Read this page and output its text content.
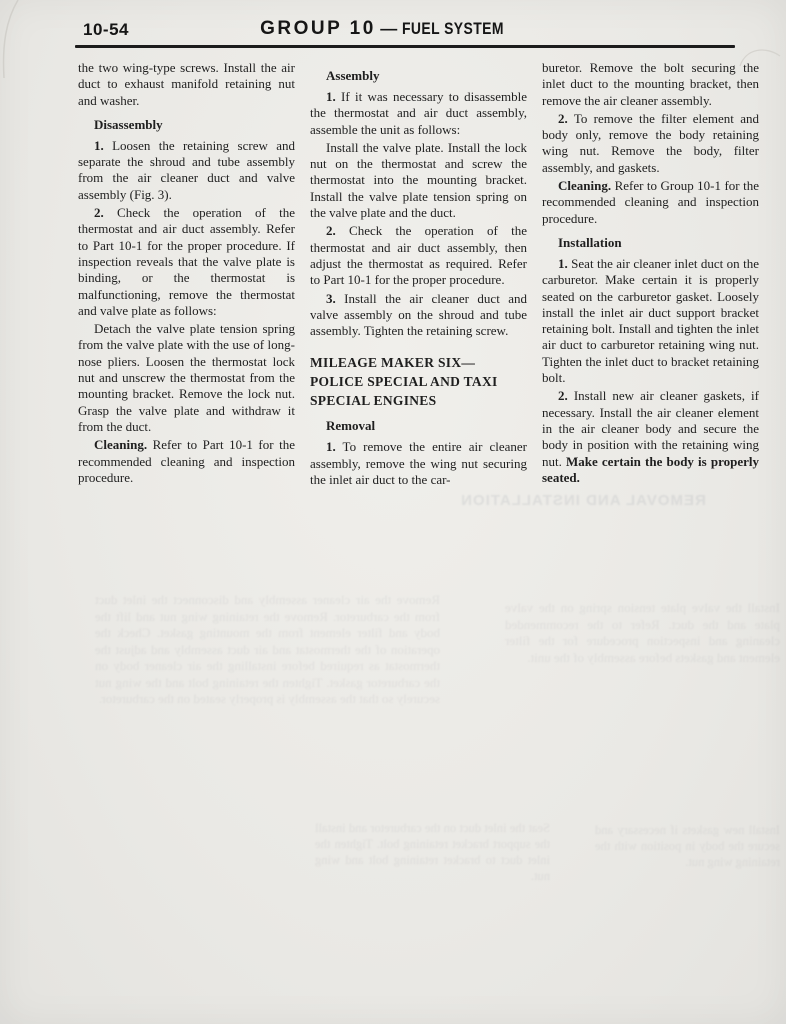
10-54	GROUP 10 — FUEL SYSTEM

the two wing-type screws. Install the air duct to exhaust manifold retaining nut and washer.

Disassembly

1. Loosen the retaining screw and separate the shroud and tube assembly from the air cleaner duct and valve assembly (Fig. 3).

2. Check the operation of the thermostat and air duct assembly. Refer to Part 10-1 for the proper procedure. If inspection reveals that the valve plate is binding, or the thermostat is malfunctioning, remove the thermostat and valve plate as follows:

Detach the valve plate tension spring from the valve plate with the use of long-nose pliers. Loosen the thermostat lock nut and unscrew the thermostat from the mounting bracket. Remove the lock nut. Grasp the valve plate and withdraw it from the duct.

Cleaning. Refer to Part 10-1 for the recommended cleaning and inspection procedure.

Assembly

1. If it was necessary to disassemble the thermostat and air duct assembly, assemble the unit as follows:

Install the valve plate. Install the lock nut on the thermostat and screw the thermostat into the mounting bracket. Install the valve plate tension spring on the valve plate and the duct.

2. Check the operation of the thermostat and air duct assembly, then adjust the thermostat as required. Refer to Part 10-1 for the proper procedure.

3. Install the air cleaner duct and valve assembly on the shroud and tube assembly. Tighten the retaining screw.

MILEAGE MAKER SIX—
POLICE SPECIAL AND TAXI
SPECIAL ENGINES
Removal

1. To remove the entire air cleaner assembly, remove the wing nut securing the inlet air duct to the car-

buretor. Remove the bolt securing the inlet duct to the mounting bracket, then remove the air cleaner assembly.

2. To remove the filter element and body only, remove the body retaining wing nut. Remove the body, filter assembly, and gaskets.

Cleaning. Refer to Group 10-1 for the recommended cleaning and inspection procedure.

Installation

1. Seat the air cleaner inlet duct on the carburetor. Make certain it is properly seated on the carburetor gasket. Loosely install the inlet air duct support bracket retaining bolt. Install and tighten the inlet air duct to carburetor retaining wing nut. Tighten the inlet duct to bracket retaining bolt.

2. Install new air cleaner gaskets, if necessary. Install the air cleaner element in the air cleaner body and secure the body in position with the retaining wing nut. Make certain the body is properly seated.

REMOVAL AND INSTALLATION
Remove the air cleaner assembly and disconnect the inlet duct from the carburetor. Remove the retaining wing nut and lift the body and filter element from the mounting gasket. Check the operation of the thermostat and air duct assembly and adjust the thermostat as required before installing the air cleaner body on the carburetor gasket. Tighten the retaining bolt and the wing nut securely so that the assembly is properly seated on the carburetor.
Install the valve plate tension spring on the valve plate and the duct. Refer to the recommended cleaning and inspection procedure for the filter element and gaskets before assembly of the unit.
Seat the inlet duct on the carburetor and install the support bracket retaining bolt. Tighten the inlet duct to bracket retaining bolt and wing nut.
Install new gaskets if necessary and secure the body in position with the retaining wing nut.
